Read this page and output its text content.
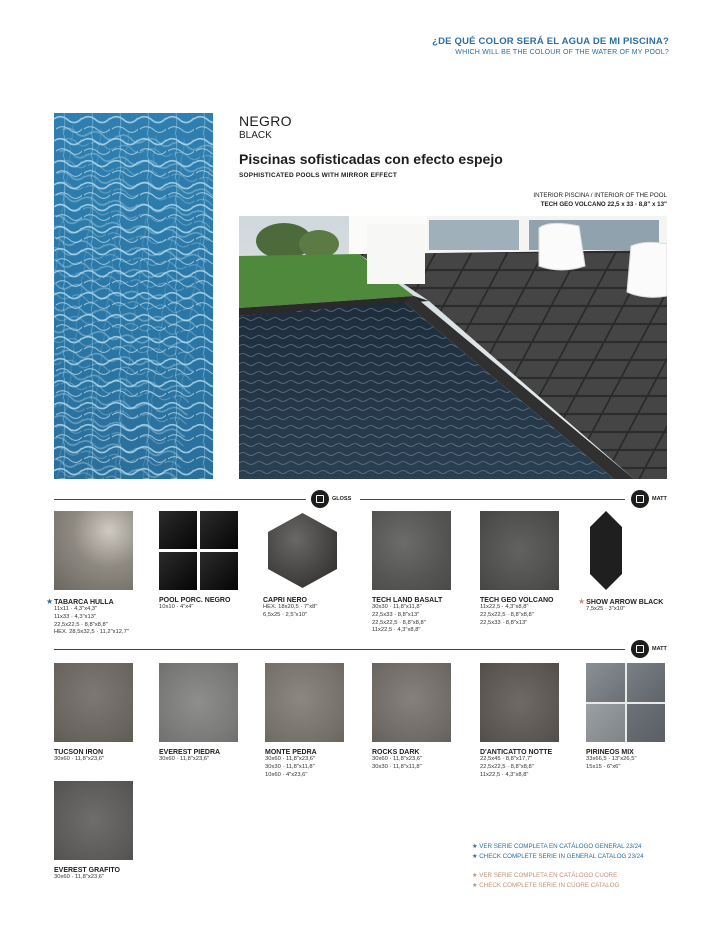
¿DE QUÉ COLOR SERÁ EL AGUA DE MI PISCINA?
WHICH WILL BE THE COLOUR OF THE WATER OF MY POOL?
NEGRO
BLACK
Piscinas sofisticadas con efecto espejo
SOPHISTICATED POOLS WITH MIRROR EFFECT
INTERIOR PISCINA / INTERIOR OF THE POOL
TECH GEO VOLCANO 22,5 x 33 · 8,8" x 13"
GLOSS	MATT
★TABARCA HULLA
11x11 · 4,3"x4,3"
11x33 · 4,3"x13"
22,5x22,5 · 8,8"x8,8"
HEX. 28,5x32,5 · 11,2"x12,7"
POOL PORC. NEGRO
10x10 · 4"x4"
CAPRI NERO
HEX. 18x20,5 · 7"x8"
6,5x25 · 2,5"x10"
TECH LAND BASALT
30x30 · 11,8"x11,8"
22,5x33 · 8,8"x13"
22,5x22,5 · 8,8"x8,8"
11x22,5 · 4,3"x8,8"
TECH GEO VOLCANO
11x22,5 · 4,3"x8,8"
22,5x22,5 · 8,8"x8,8"
22,5x33 · 8,8"x13"
★SHOW ARROW BLACK
7,5x25 · 3"x10"
MATT
TUCSON IRON
30x60 · 11,8"x23,6"
EVEREST PIEDRA
30x60 · 11,8"x23,6"
MONTE PEDRA
30x60 · 11,8"x23,6"
30x30 · 11,8"x11,8"
10x60 · 4"x23,6"
ROCKS DARK
30x60 · 11,8"x23,6"
30x30 · 11,8"x11,8"
D'ANTICATTO NOTTE
22,5x45 · 8,8"x17,7"
22,5x22,5 · 8,8"x8,8"
11x22,5 · 4,3"x8,8"
PIRINEOS MIX
33x66,5 · 13"x26,5"
15x15 · 6"x6"
EVEREST GRAFITO
30x60 · 11,8"x23,6"
★ VER SERIE COMPLETA EN CATÁLOGO GENERAL 23/24
★ CHECK COMPLETE SERIE IN GENERAL CATALOG 23/24
★ VER SERIE COMPLETA EN CATÁLOGO CUORE
★ CHECK COMPLETE SERIE IN CUORE CATALOG
